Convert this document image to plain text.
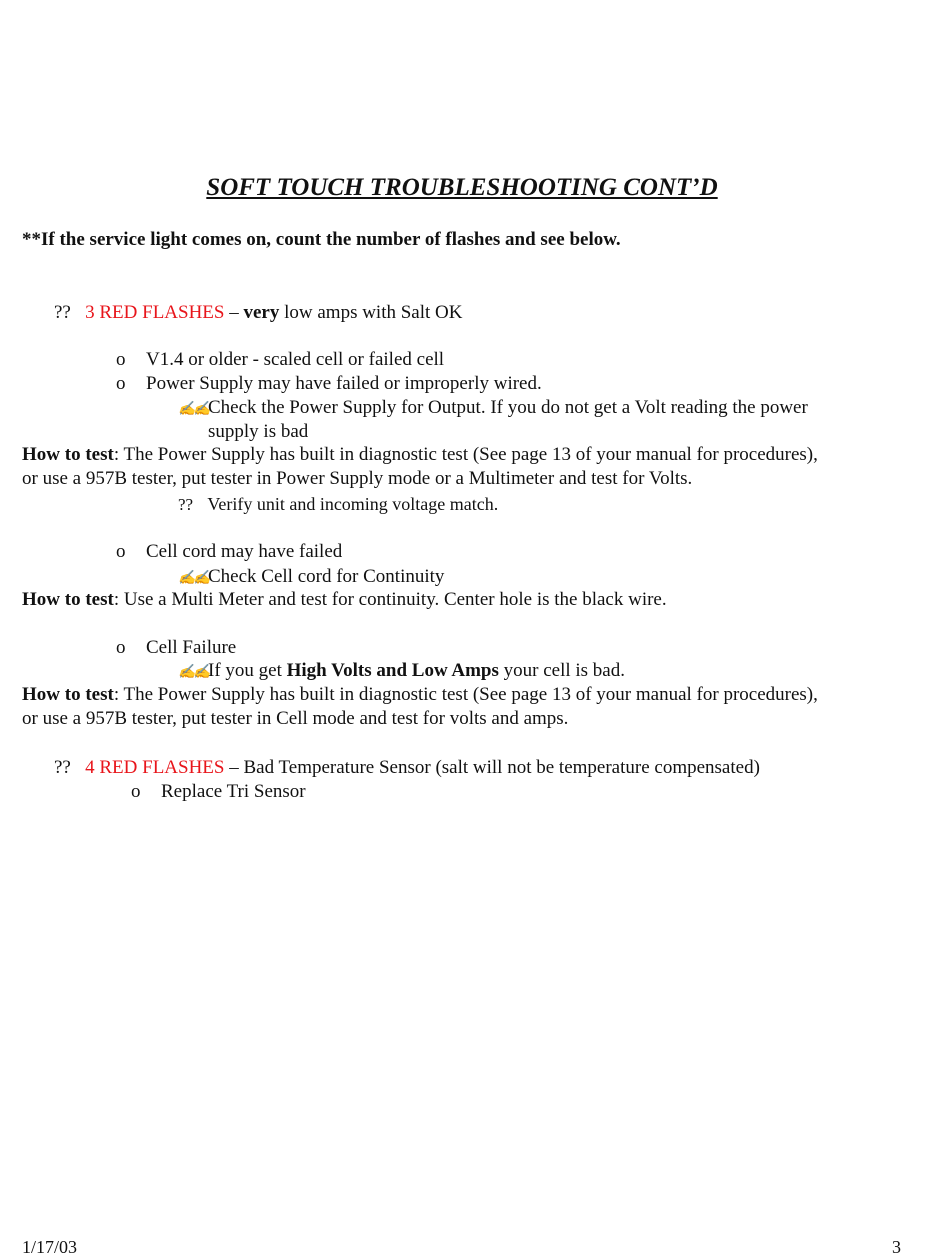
SOFT TOUCH TROUBLESHOOTING CONT’D
**If the service light comes on, count the number of flashes and see below.
?? 3 RED FLASHES – very low amps with Salt OK
o V1.4 or older - scaled cell or failed cell
o Power Supply may have failed or improperly wired.
✍✍Check the Power Supply for Output. If you do not get a Volt reading the power
supply is bad
How to test: The Power Supply has built in diagnostic test (See page 13 of your manual for procedures),
or use a 957B tester, put tester in Power Supply mode or a Multimeter and test for Volts.
?? Verify unit and incoming voltage match.
o Cell cord may have failed
✍✍Check Cell cord for Continuity
How to test: Use a Multi Meter and test for continuity. Center hole is the black wire.
o Cell Failure
✍✍If you get High Volts and Low Amps your cell is bad.
How to test: The Power Supply has built in diagnostic test (See page 13 of your manual for procedures),
or use a 957B tester, put tester in Cell mode and test for volts and amps.
?? 4 RED FLASHES – Bad Temperature Sensor (salt will not be temperature compensated)
o Replace Tri Sensor
1/17/03	3
